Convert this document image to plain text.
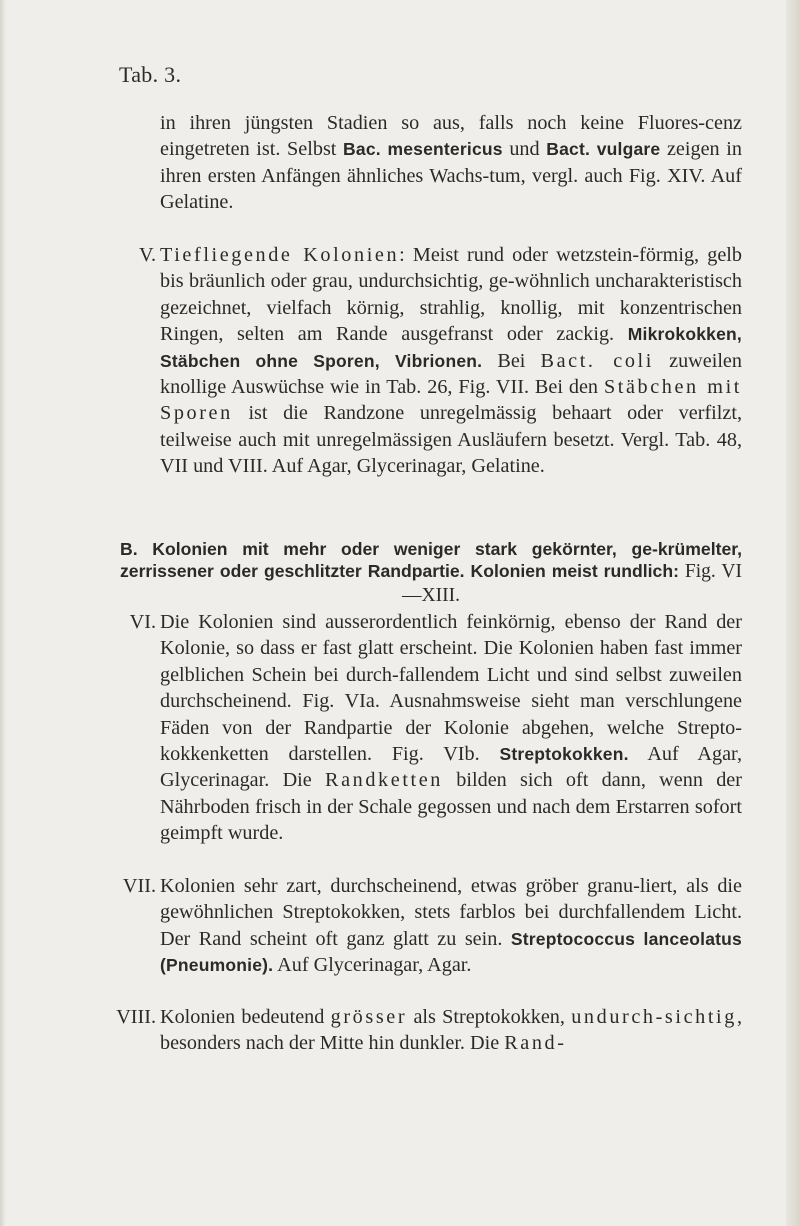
Tab. 3.

in ihren jüngsten Stadien so aus, falls noch keine Fluores-cenz eingetreten ist. Selbst Bac. mesentericus und Bact. vulgare zeigen in ihren ersten Anfängen ähnliches Wachs-tum, vergl. auch Fig. XIV. Auf Gelatine.

V. Tiefliegende Kolonien: Meist rund oder wetzstein-förmig, gelb bis bräunlich oder grau, undurchsichtig, ge-wöhnlich uncharakteristisch gezeichnet, vielfach körnig, strahlig, knollig, mit konzentrischen Ringen, selten am Rande ausgefranst oder zackig. Mikrokokken, Stäbchen ohne Sporen, Vibrionen. Bei Bact. coli zuweilen knollige Auswüchse wie in Tab. 26, Fig. VII. Bei den Stäbchen mit Sporen ist die Randzone unregelmässig behaart oder verfilzt, teilweise auch mit unregelmässigen Ausläufern besetzt. Vergl. Tab. 48, VII und VIII. Auf Agar, Glycerinagar, Gelatine.

B. Kolonien mit mehr oder weniger stark gekörnter, ge-krümelter, zerrissener oder geschlitzter Randpartie. Kolonien meist rundlich: Fig. VI—XIII.

VI. Die Kolonien sind ausserordentlich feinkörnig, ebenso der Rand der Kolonie, so dass er fast glatt erscheint. Die Kolonien haben fast immer gelblichen Schein bei durch-fallendem Licht und sind selbst zuweilen durchscheinend. Fig. VIa. Ausnahmsweise sieht man verschlungene Fäden von der Randpartie der Kolonie abgehen, welche Strepto-kokkenketten darstellen. Fig. VIb. Streptokokken. Auf Agar, Glycerinagar. Die Randketten bilden sich oft dann, wenn der Nährboden frisch in der Schale gegossen und nach dem Erstarren sofort geimpft wurde.

VII. Kolonien sehr zart, durchscheinend, etwas gröber granu-liert, als die gewöhnlichen Streptokokken, stets farblos bei durchfallendem Licht. Der Rand scheint oft ganz glatt zu sein. Streptococcus lanceolatus (Pneumonie). Auf Glycerinagar, Agar.

VIII. Kolonien bedeutend grösser als Streptokokken, undurch-sichtig, besonders nach der Mitte hin dunkler. Die Rand-
